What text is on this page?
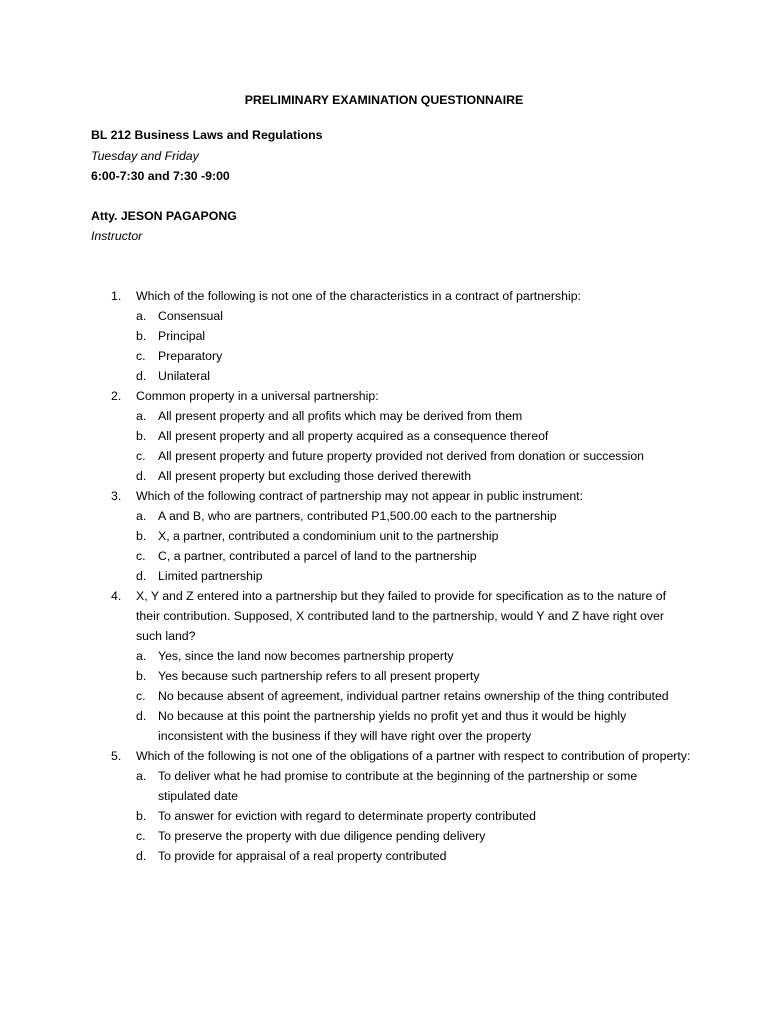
PRELIMINARY EXAMINATION QUESTIONNAIRE
BL 212 Business Laws and Regulations
Tuesday and Friday
6:00-7:30 and 7:30 -9:00
Atty. JESON PAGAPONG
Instructor
1. Which of the following is not one of the characteristics in a contract of partnership:
a. Consensual
b. Principal
c. Preparatory
d. Unilateral
2. Common property in a universal partnership:
a. All present property and all profits which may be derived from them
b. All present property and all property acquired as a consequence thereof
c. All present property and future property provided not derived from donation or succession
d. All present property but excluding those derived therewith
3. Which of the following contract of partnership may not appear in public instrument:
a. A and B, who are partners, contributed P1,500.00 each to the partnership
b. X, a partner, contributed a condominium unit to the partnership
c. C, a partner, contributed a parcel of land to the partnership
d. Limited partnership
4. X, Y and Z entered into a partnership but they failed to provide for specification as to the nature of their contribution. Supposed, X contributed land to the partnership, would Y and Z have right over such land?
a. Yes, since the land now becomes partnership property
b. Yes because such partnership refers to all present property
c. No because absent of agreement, individual partner retains ownership of the thing contributed
d. No because at this point the partnership yields no profit yet and thus it would be highly inconsistent with the business if they will have right over the property
5. Which of the following is not one of the obligations of a partner with respect to contribution of property:
a. To deliver what he had promise to contribute at the beginning of the partnership or some stipulated date
b. To answer for eviction with regard to determinate property contributed
c. To preserve the property with due diligence pending delivery
d. To provide for appraisal of a real property contributed
